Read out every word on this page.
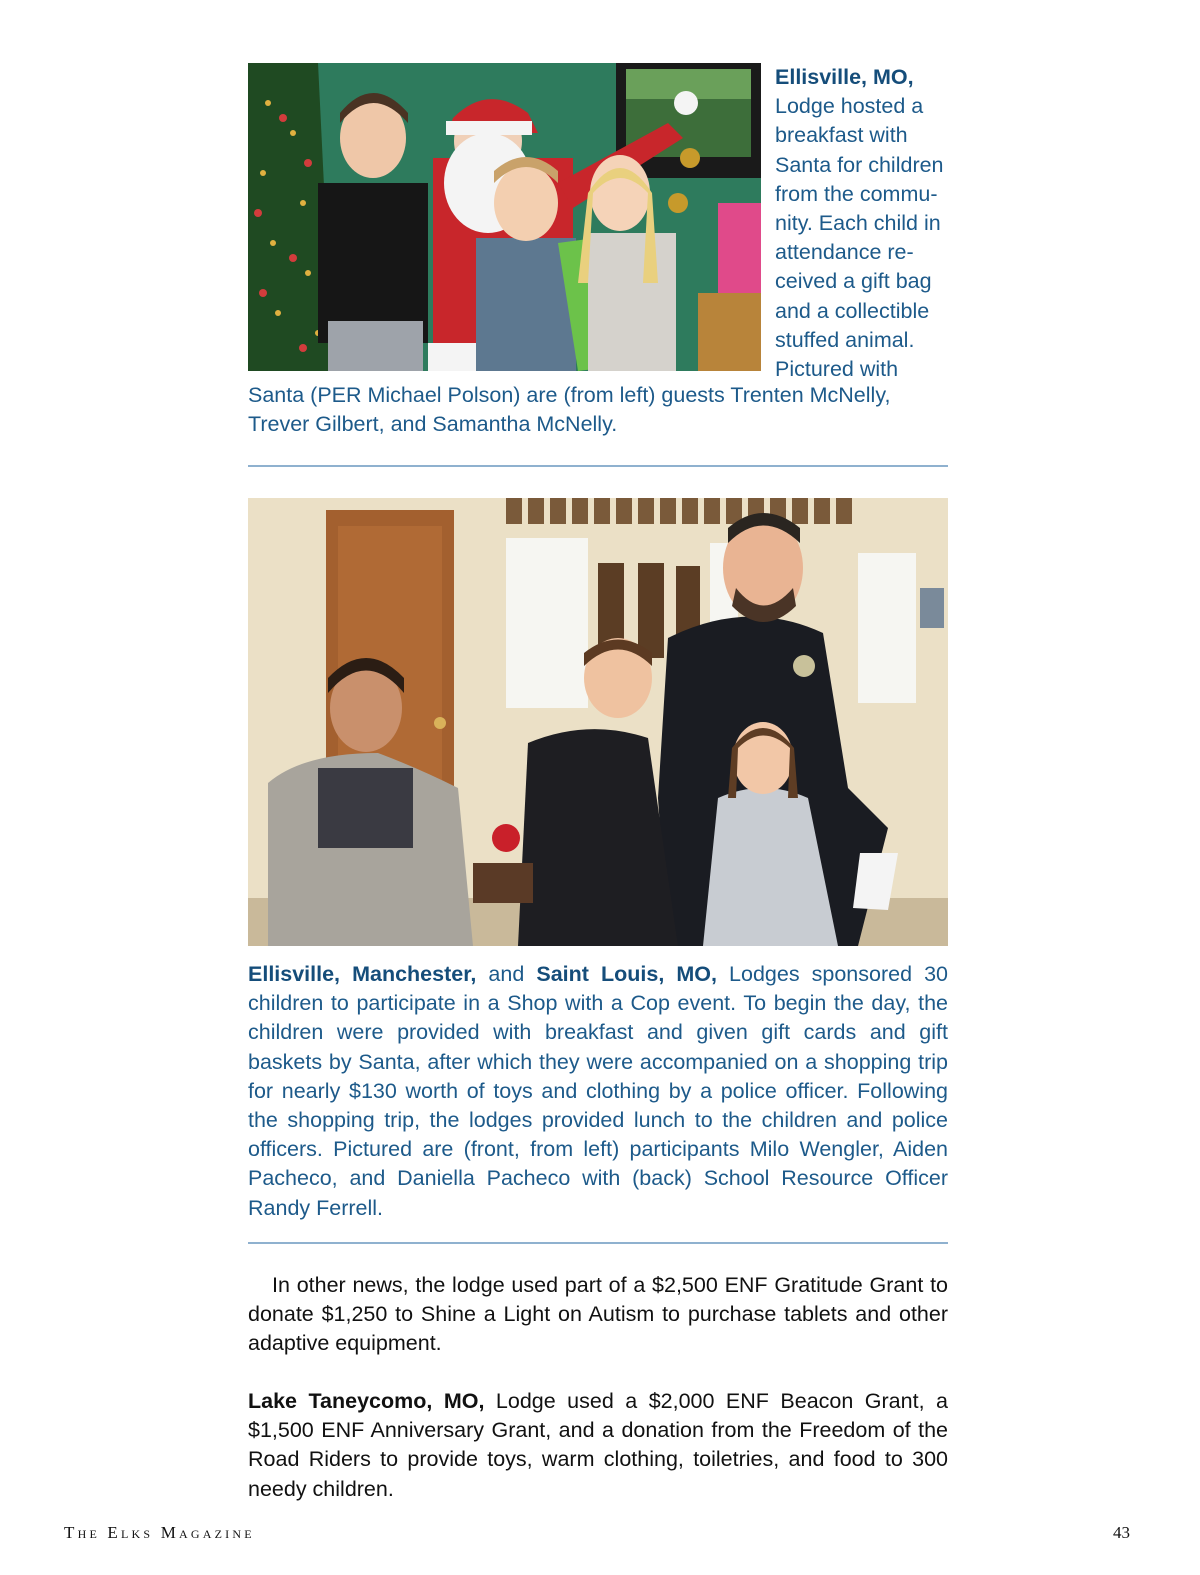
Ellisville, MO,
Lodge hosted a
breakfast with
Santa for children
from the commu-
nity. Each child in
attendance re-
ceived a gift bag
and a collectible
stuffed animal.
Pictured with
Santa (PER Michael Polson) are (from left) guests Trenten McNelly,
Trever Gilbert, and Samantha McNelly.
Ellisville, Manchester, and Saint Louis, MO, Lodges sponsored 30 children to participate in a Shop with a Cop event. To begin the day, the children were provided with breakfast and given gift cards and gift baskets by Santa, after which they were accompanied on a shopping trip for nearly $130 worth of toys and clothing by a police officer. Following the shopping trip, the lodges provided lunch to the children and police officers. Pictured are (front, from left) participants Milo Wengler, Aiden Pacheco, and Daniella Pacheco with (back) School Resource Officer Randy Ferrell.

In other news, the lodge used part of a $2,500 ENF Gratitude Grant to donate $1,250 to Shine a Light on Autism to purchase tablets and other adaptive equipment.

Lake Taneycomo, MO, Lodge used a $2,000 ENF Beacon Grant, a $1,500 ENF Anniversary Grant, and a donation from the Freedom of the Road Riders to provide toys, warm clothing, toiletries, and food to 300 needy children.

The Elks Magazine	43
